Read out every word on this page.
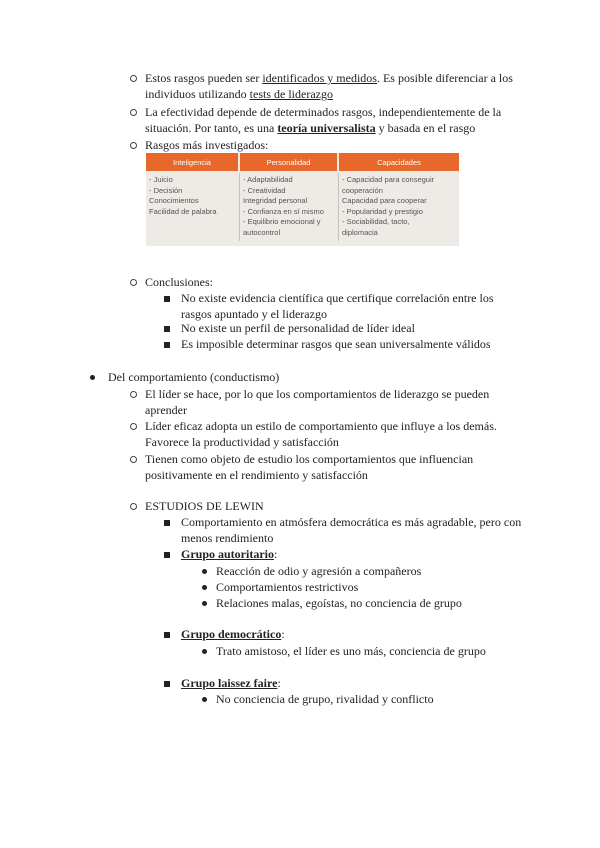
Estos rasgos pueden ser identificados y medidos. Es posible diferenciar a los
individuos utilizando tests de liderazgo
La efectividad depende de determinados rasgos, independientemente de la
situación. Por tanto, es una teoría universalista y basada en el rasgo
Rasgos más investigados:
Inteligencia	Personalidad	Capacidades
- Juicio
- Decisión
Conocimientos
Facilidad de palabra
- Adaptabilidad
- Creatividad
Integridad personal
- Confianza en sí mismo
- Equilibrio emocional y
autocontrol
- Capacidad para conseguir
cooperación
Capacidad para cooperar
- Popularidad y prestigio
- Sociabilidad, tacto,
diplomacia
Conclusiones:
No existe evidencia científica que certifique correlación entre los
rasgos apuntado y el liderazgo
No existe un perfil de personalidad de líder ideal
Es imposible determinar rasgos que sean universalmente válidos
Del comportamiento (conductismo)
El líder se hace, por lo que los comportamientos de liderazgo se pueden
aprender
Líder eficaz adopta un estilo de comportamiento que influye a los demás.
Favorece la productividad y satisfacción
Tienen como objeto de estudio los comportamientos que influencian
positivamente en el rendimiento y satisfacción
ESTUDIOS DE LEWIN
Comportamiento en atmósfera democrática es más agradable, pero con
menos rendimiento
Grupo autoritario:
Reacción de odio y agresión a compañeros
Comportamientos restrictivos
Relaciones malas, egoístas, no conciencia de grupo
Grupo democrático:
Trato amistoso, el líder es uno más, conciencia de grupo
Grupo laissez faire:
No conciencia de grupo, rivalidad y conflicto
